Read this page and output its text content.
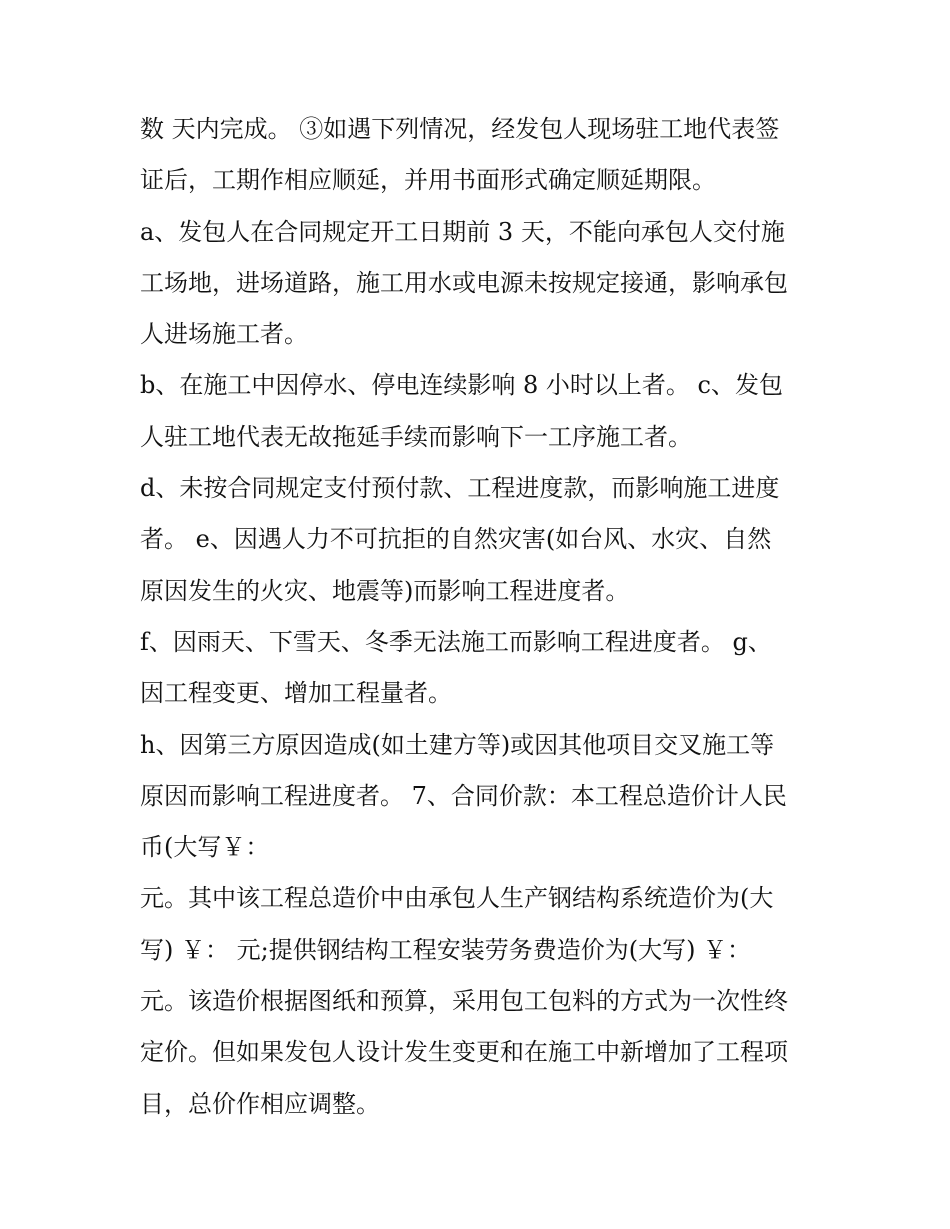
数 天内完成。 ③如遇下列情况，经发包人现场驻工地代表签
证后，工期作相应顺延，并用书面形式确定顺延期限。
a、发包人在合同规定开工日期前 3 天，不能向承包人交付施
工场地，进场道路，施工用水或电源未按规定接通，影响承包
人进场施工者。
b、在施工中因停水、停电连续影响 8 小时以上者。 c、发包
人驻工地代表无故拖延手续而影响下一工序施工者。
d、未按合同规定支付预付款、工程进度款，而影响施工进度
者。 e、因遇人力不可抗拒的自然灾害(如台风、水灾、自然
原因发生的火灾、地震等)而影响工程进度者。
f、因雨天、下雪天、冬季无法施工而影响工程进度者。 g、
因工程变更、增加工程量者。
h、因第三方原因造成(如土建方等)或因其他项目交叉施工等
原因而影响工程进度者。 7、合同价款：本工程总造价计人民
币(大写￥：
元。其中该工程总造价中由承包人生产钢结构系统造价为(大
写) ￥： 元;提供钢结构工程安装劳务费造价为(大写) ￥：
元。该造价根据图纸和预算，采用包工包料的方式为一次性终
定价。但如果发包人设计发生变更和在施工中新增加了工程项
目，总价作相应调整。
